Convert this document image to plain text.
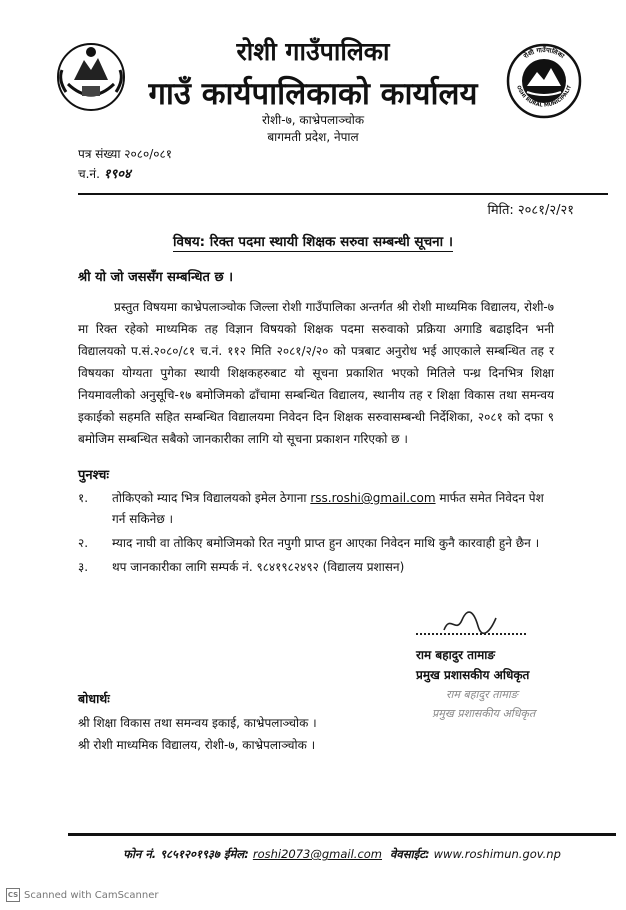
रोशी गाउँपालिका
OSHI RURAL MUNICIPALIT
रोशी गाउँपालिका
गाउँ कार्यपालिकाको कार्यालय
रोशी-७, काभ्रेपलाञ्चोक
बागमती प्रदेश, नेपाल
पत्र संख्या २०८०/०८१
च.नं. १९०४
मिति: २०८१/२/२१
विषय: रिक्त पदमा स्थायी शिक्षक सरुवा सम्बन्धी सूचना ।
श्री यो जो जससँग सम्बन्धित छ ।
प्रस्तुत विषयमा काभ्रेपलाञ्चोक जिल्ला रोशी गाउँपालिका अन्तर्गत श्री रोशी माध्यमिक विद्यालय, रोशी-७ मा रिक्त रहेको माध्यमिक तह विज्ञान विषयको शिक्षक पदमा सरुवाको प्रक्रिया अगाडि बढाइदिन भनी विद्यालयको प.सं.२०८०/८१ च.नं. ११२ मिति २०८१/२/२० को पत्रबाट अनुरोध भई आएकाले सम्बन्धित तह र विषयका योग्यता पुगेका स्थायी शिक्षकहरुबाट यो सूचना प्रकाशित भएको मितिले पन्ध्र दिनभित्र शिक्षा नियमावलीको अनुसूचि-१७ बमोजिमको ढाँचामा सम्बन्धित विद्यालय, स्थानीय तह र शिक्षा विकास तथा समन्वय इकाईको सहमति सहित सम्बन्धित विद्यालयमा निवेदन दिन शिक्षक सरुवासम्बन्धी निर्देशिका, २०८१ को दफा ९ बमोजिम सम्बन्धित सबैको जानकारीका लागि यो सूचना प्रकाशन गरिएको छ ।
पुनश्चः
१.	तोकिएको म्याद भित्र विद्यालयको इमेल ठेगाना rss.roshi@gmail.com मार्फत समेत निवेदन पेश गर्न सकिनेछ ।
२.	म्याद नाघी वा तोकिए बमोजिमको रित नपुगी प्राप्त हुन आएका निवेदन माथि कुनै कारवाही हुने छैन ।
३.	थप जानकारीका लागि सम्पर्क नं. ९८४१९८२४९२ (विद्यालय प्रशासन)
राम बहादुर तामाङ
प्रमुख प्रशासकीय अधिकृत
राम बहादुर तामाङ
प्रमुख प्रशासकीय अधिकृत
बोधार्थः
श्री शिक्षा विकास तथा समन्वय इकाई, काभ्रेपलाञ्चोक ।
श्री रोशी माध्यमिक विद्यालय, रोशी-७, काभ्रेपलाञ्चोक ।
फोन नं. ९८५१२०१९३७ ईमेल: roshi2073@gmail.com वेवसाईट: www.roshimun.gov.np
CS Scanned with CamScanner
